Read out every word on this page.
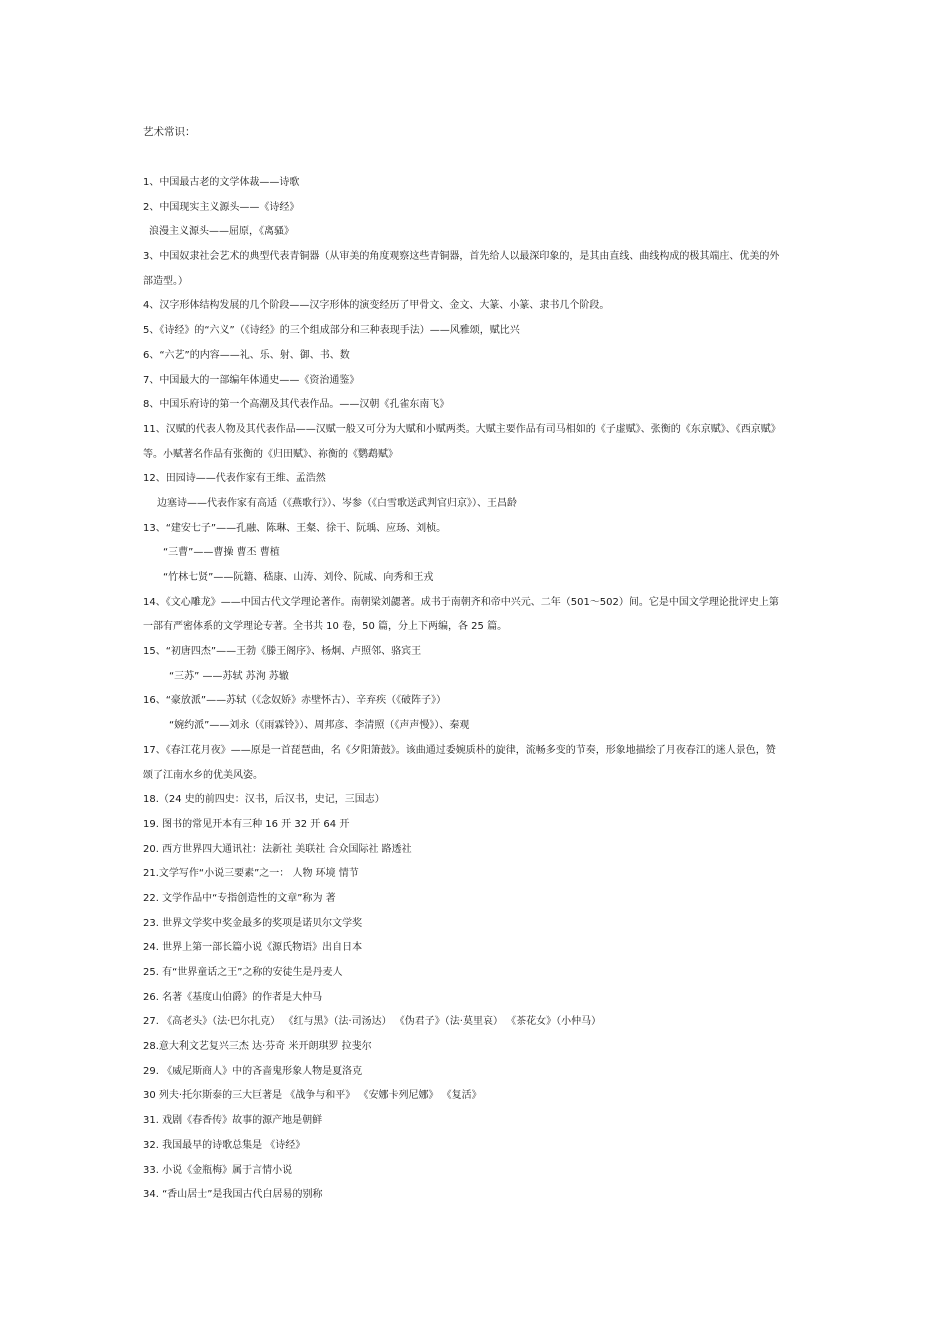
艺术常识：
1、中国最古老的文学体裁——诗歌
2、中国现实主义源头——《诗经》
浪漫主义源头——屈原，《离骚》
3、中国奴隶社会艺术的典型代表青铜器（从审美的角度观察这些青铜器，首先给人以最深印象的，是其由直线、曲线构成的极其端庄、优美的外
部造型。）
4、汉字形体结构发展的几个阶段——汉字形体的演变经历了甲骨文、金文、大篆、小篆、隶书几个阶段。
5、《诗经》的“六义”（《诗经》的三个组成部分和三种表现手法）——风雅颂，赋比兴
6、“六艺”的内容——礼、乐、射、御、书、数
7、中国最大的一部编年体通史——《资治通鉴》
8、中国乐府诗的第一个高潮及其代表作品。——汉朝《孔雀东南飞》
11、汉赋的代表人物及其代表作品——汉赋一般又可分为大赋和小赋两类。大赋主要作品有司马相如的《子虚赋》、张衡的《东京赋》、《西京赋》
等。小赋著名作品有张衡的《归田赋》、祢衡的《鹦鹉赋》
12、田园诗——代表作家有王维、孟浩然
边塞诗——代表作家有高适（《燕歌行》）、岑参（《白雪歌送武判官归京》）、王昌龄
13、“建安七子”——孔融、陈琳、王粲、徐干、阮瑀、应玚、刘桢。
“三曹”——曹操 曹丕 曹植
“竹林七贤”——阮籍、嵇康、山涛、刘伶、阮咸、向秀和王戎
14、《文心雕龙》——中国古代文学理论著作。南朝梁刘勰著。成书于南朝齐和帝中兴元、二年（501～502）间。它是中国文学理论批评史上第
一部有严密体系的文学理论专著。全书共 10 卷，50 篇，分上下两编，各 25 篇。
15、“初唐四杰”——王勃《滕王阁序》、杨炯、卢照邻、骆宾王
“三苏” ——苏轼 苏洵 苏辙
16、“豪放派”——苏轼（《念奴娇》赤壁怀古）、辛弃疾（《破阵子》）
“婉约派”——刘永（《雨霖铃》）、周邦彦、李清照（《声声慢》）、秦观
17、《春江花月夜》——原是一首琵琶曲，名《夕阳箫鼓》。该曲通过委婉质朴的旋律，流畅多变的节奏，形象地描绘了月夜春江的迷人景色，赞
颂了江南水乡的优美风姿。
18.（24 史的前四史：汉书，后汉书，史记，三国志）
19. 图书的常见开本有三种 16 开 32 开 64 开
20. 西方世界四大通讯社：法新社 美联社 合众国际社 路透社
21.文学写作“小说三要素”之一： 人物 环境 情节
22. 文学作品中“专指创造性的文章”称为 著
23. 世界文学奖中奖金最多的奖项是诺贝尔文学奖
24. 世界上第一部长篇小说《源氏物语》出自日本
25. 有“世界童话之王”之称的安徒生是丹麦人
26. 名著《基度山伯爵》的作者是大仲马
27. 《高老头》（法·巴尔扎克） 《红与黑》（法·司汤达） 《伪君子》（法·莫里哀） 《茶花女》（小仲马）
28.意大利文艺复兴三杰 达·芬奇 米开朗琪罗 拉斐尔
29. 《威尼斯商人》中的吝啬鬼形象人物是夏洛克
30 列夫·托尔斯泰的三大巨著是 《战争与和平》 《安娜卡列尼娜》 《复活》
31. 戏剧《春香传》故事的源产地是朝鲜
32. 我国最早的诗歌总集是 《诗经》
33. 小说《金瓶梅》属于言情小说
34. “香山居士”是我国古代白居易的别称
